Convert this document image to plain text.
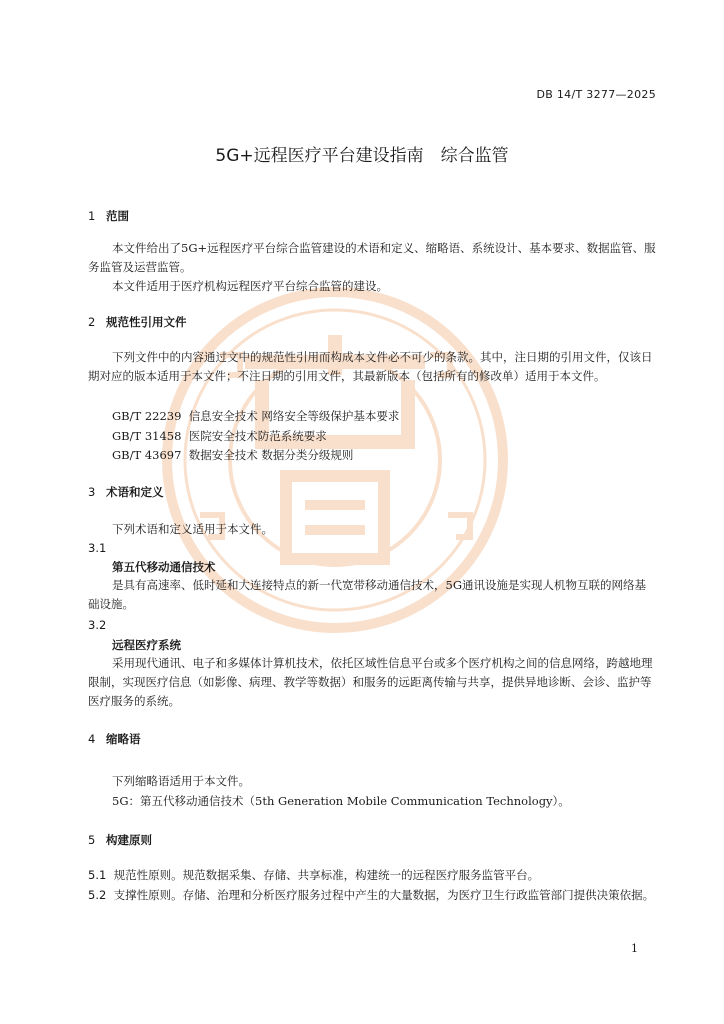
DB 14/T 3277—2025
5G+远程医疗平台建设指南　综合监管
1 范围
本文件给出了5G+远程医疗平台综合监管建设的术语和定义、缩略语、系统设计、基本要求、数据监管、服务监管及运营监管。
本文件适用于医疗机构远程医疗平台综合监管的建设。
2 规范性引用文件
下列文件中的内容通过文中的规范性引用而构成本文件必不可少的条款。其中，注日期的引用文件，仅该日期对应的版本适用于本文件；不注日期的引用文件，其最新版本（包括所有的修改单）适用于本文件。
GB/T 22239  信息安全技术 网络安全等级保护基本要求
GB/T 31458  医院安全技术防范系统要求
GB/T 43697  数据安全技术 数据分类分级规则
3 术语和定义
下列术语和定义适用于本文件。
3.1
第五代移动通信技术
是具有高速率、低时延和大连接特点的新一代宽带移动通信技术，5G通讯设施是实现人机物互联的网络基础设施。
3.2
远程医疗系统
采用现代通讯、电子和多媒体计算机技术，依托区域性信息平台或多个医疗机构之间的信息网络，跨越地理限制，实现医疗信息（如影像、病理、教学等数据）和服务的远距离传输与共享，提供异地诊断、会诊、监护等医疗服务的系统。
4 缩略语
下列缩略语适用于本文件。
5G：第五代移动通信技术（5th Generation Mobile Communication Technology）。
5 构建原则
5.1 规范性原则。规范数据采集、存储、共享标准，构建统一的远程医疗服务监管平台。
5.2 支撑性原则。存储、治理和分析医疗服务过程中产生的大量数据，为医疗卫生行政监管部门提供决策依据。
1
